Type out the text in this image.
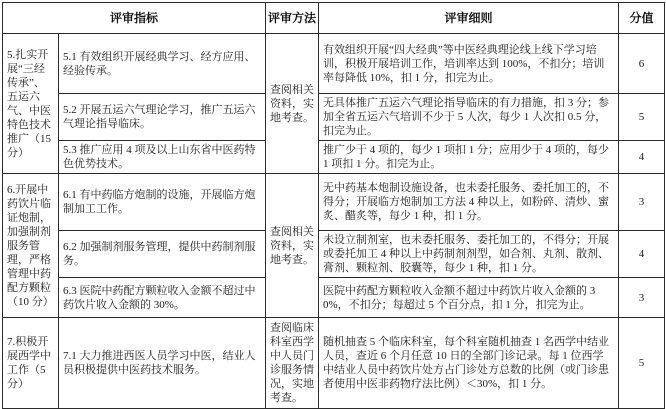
评审指标		评审方法	评审细则	分值
5.扎实开展“三经传承”、五运六气、中医特色技术推广（15 分）	5.1 有效组织开展经典学习、经方应用、经验传承。	查阅相关资料，实地考查。	有效组织开展“四大经典”等中医经典理论线上线下学习培训，积极开展培训工作，培训率达到 100%，不扣分；培训率每降低 10%，扣 1 分，扣完为止。	6
	5.2 开展五运六气理论学习，推广五运六气理论指导临床。		无具体推广五运六气理论指导临床的有力措施，扣 3 分；参加全省五运六气培训不少于 5 人次，每少 1 人次扣 0.5 分，扣完为止。	5
	5.3 推广应用 4 项及以上山东省中医药特色优势技术。		推广少于 4 项的，每少 1 项扣 1 分；应用少于 4 项的，每少 1 项扣 1 分。扣完为止。	4
6.开展中药饮片临证炮制，加强制剂服务管理，严格管理中药配方颗粒（10 分）	6.1 有中药临方炮制的设施，开展临方炮制加工工作。	查阅相关资料，实地考查。	无中药基本炮制设施设备，也未委托服务、委托加工的，不得分；开展临方炮制加工方法 4 种以上，如粉碎、清炒、蜜炙、醋炙等，每少 1 种，扣 1 分。	3
	6.2 加强制剂服务管理，提供中药制剂服务。		未设立制剂室，也未委托服务、委托加工的，不得分；开展或委托加工 4 种以上中药制剂剂型，如合剂、丸剂、散剂、膏剂、颗粒剂、胶囊等，每少 1 种，扣 1 分。	4
	6.3 医院中药配方颗粒收入金额不超过中药饮片收入金额的 30%。		医院中药配方颗粒收入金额不超过中药饮片收入金额的 30%，不扣分；每超过 5 个百分点，扣 1 分，扣完为止。	3
7.积极开展西学中工作（5 分）	7.1 大力推进西医人员学习中医，结业人员积极提供中医药技术服务。	查阅临床科室西学中人员门诊服务情况，实地考查。	随机抽查 5 个临床科室，每个科室随机抽查 1 名西学中结业人员，查近 6 个月任意 10 日的全部门诊记录。每 1 位西学中结业人员中药饮片处方占门诊处方总数的比例（或门诊患者使用中医非药物疗法比例）＜30%，扣 1 分。	5
